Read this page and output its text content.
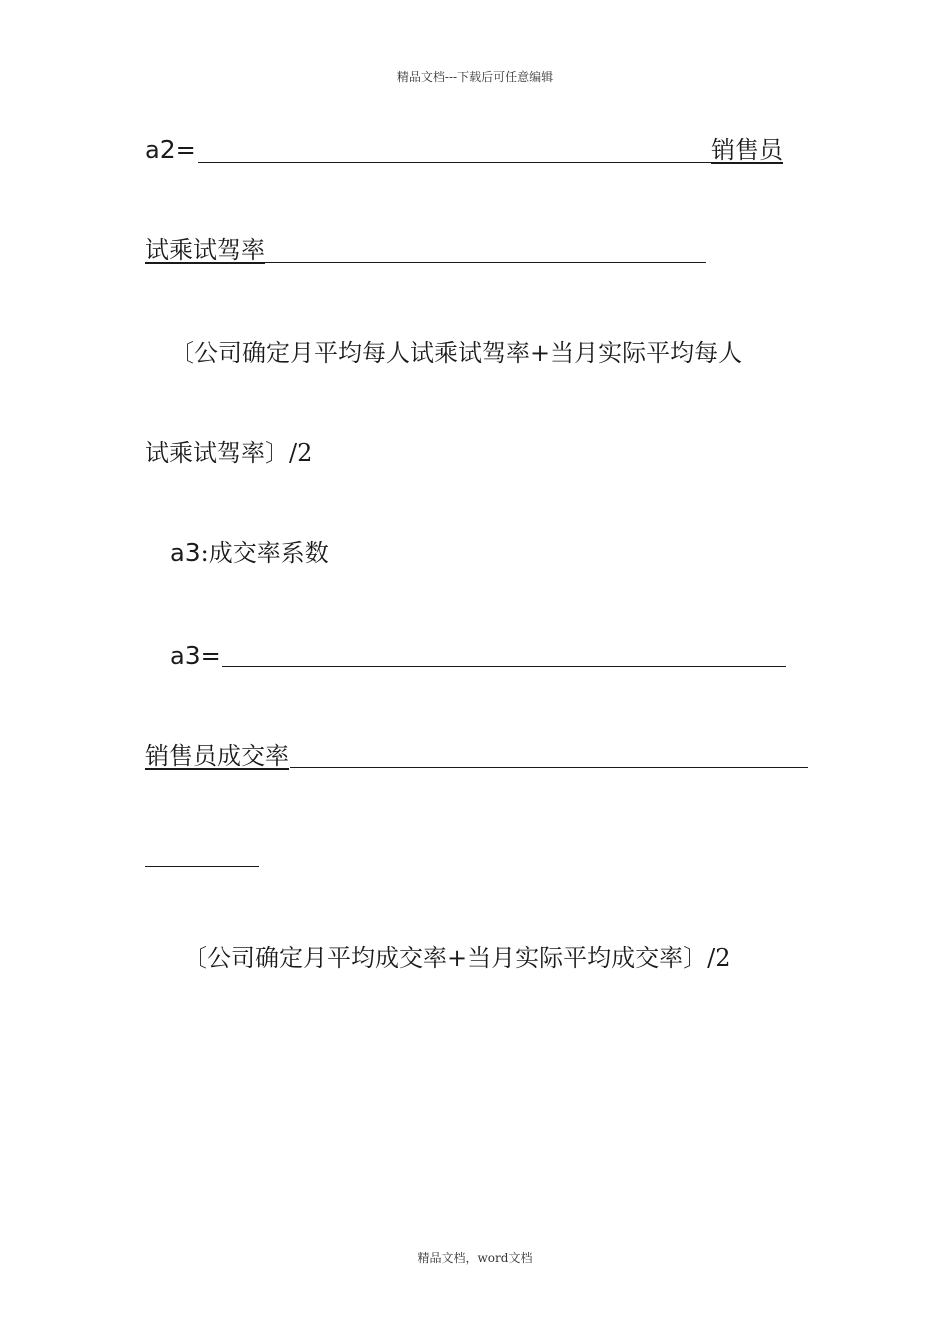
精品文档---下载后可任意编辑
a2=	销售员
试乘试驾率
〔公司确定月平均每人试乘试驾率+当月实际平均每人
试乘试驾率〕/2
a3:成交率系数
a3=
销售员成交率
〔公司确定月平均成交率+当月实际平均成交率〕/2
精品文档，word文档
